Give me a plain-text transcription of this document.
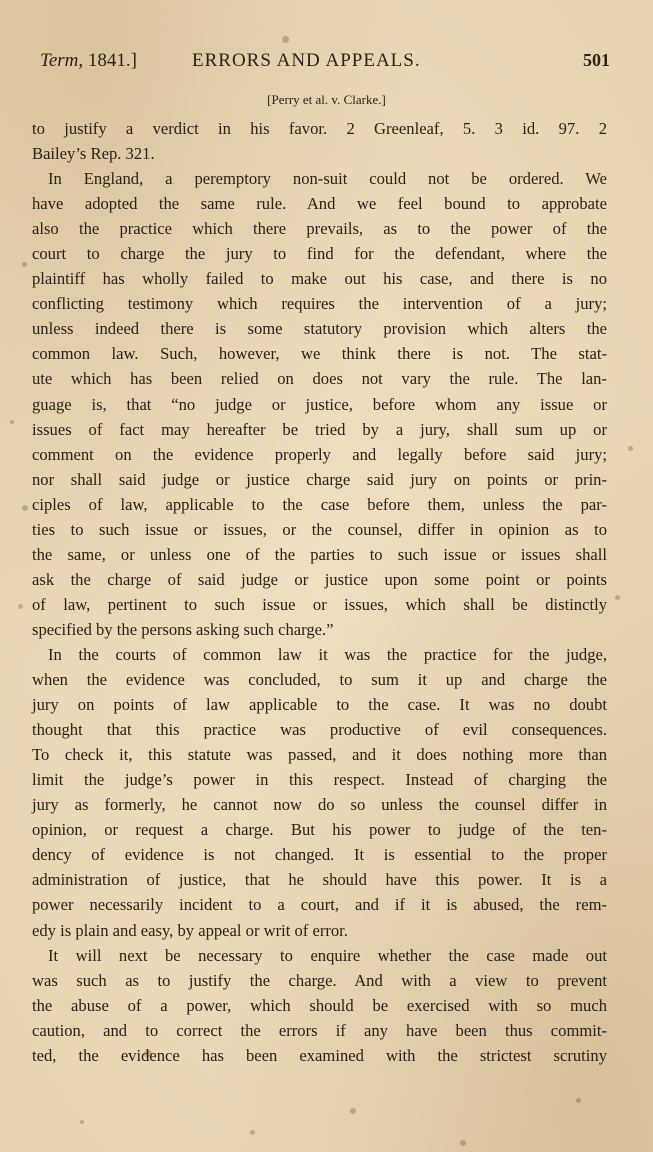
Term, 1841.]	ERRORS AND APPEALS.	501
[Perry et al. v. Clarke.]
to justify a verdict in his favor. 2 Greenleaf, 5. 3 id. 97. 2
Bailey’s Rep. 321.
In England, a peremptory non-suit could not be ordered. We
have adopted the same rule. And we feel bound to approbate
also the practice which there prevails, as to the power of the
court to charge the jury to find for the defendant, where the
plaintiff has wholly failed to make out his case, and there is no
conflicting testimony which requires the intervention of a jury;
unless indeed there is some statutory provision which alters the
common law. Such, however, we think there is not. The stat-
ute which has been relied on does not vary the rule. The lan-
guage is, that “no judge or justice, before whom any issue or
issues of fact may hereafter be tried by a jury, shall sum up or
comment on the evidence properly and legally before said jury;
nor shall said judge or justice charge said jury on points or prin-
ciples of law, applicable to the case before them, unless the par-
ties to such issue or issues, or the counsel, differ in opinion as to
the same, or unless one of the parties to such issue or issues shall
ask the charge of said judge or justice upon some point or points
of law, pertinent to such issue or issues, which shall be distinctly
specified by the persons asking such charge.”
In the courts of common law it was the practice for the judge,
when the evidence was concluded, to sum it up and charge the
jury on points of law applicable to the case. It was no doubt
thought that this practice was productive of evil consequences.
To check it, this statute was passed, and it does nothing more than
limit the judge’s power in this respect. Instead of charging the
jury as formerly, he cannot now do so unless the counsel differ in
opinion, or request a charge. But his power to judge of the ten-
dency of evidence is not changed. It is essential to the proper
administration of justice, that he should have this power. It is a
power necessarily incident to a court, and if it is abused, the rem-
edy is plain and easy, by appeal or writ of error.
It will next be necessary to enquire whether the case made out
was such as to justify the charge. And with a view to prevent
the abuse of a power, which should be exercised with so much
caution, and to correct the errors if any have been thus commit-
ted, the evidence has been examined with the strictest scrutiny
